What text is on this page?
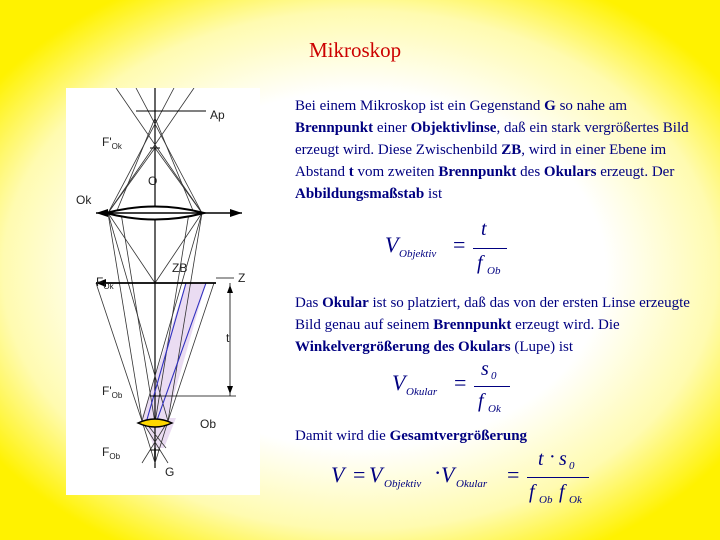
Mikroskop
Ap
$F'_{Ok}$
O
Ok
ZB
$F_{Ok}$
Z
t
$F'_{Ob}$
Ob
$F_{Ob}$
G
Bei einem Mikroskop ist ein Gegenstand G so nahe am Brennpunkt einer Objektivlinse, daß ein stark vergrößertes Bild erzeugt wird. Diese Zwischenbild ZB, wird in einer Ebene im Abstand t vom zweiten Brennpunkt des Okulars erzeugt. Der Abbildungsmaßstab ist
V Objektiv =
t
f Ob
Das Okular ist so platziert, daß das von der ersten Linse erzeugte Bild genau auf seinem Brennpunkt erzeugt wird. Die Winkelvergrößerung des Okulars (Lupe) ist
V Okular =
s 0
f Ok
Damit wird die Gesamtvergrößerung
V = V Objektiv · V Okular =
t · s 0
f Ob f Ok
